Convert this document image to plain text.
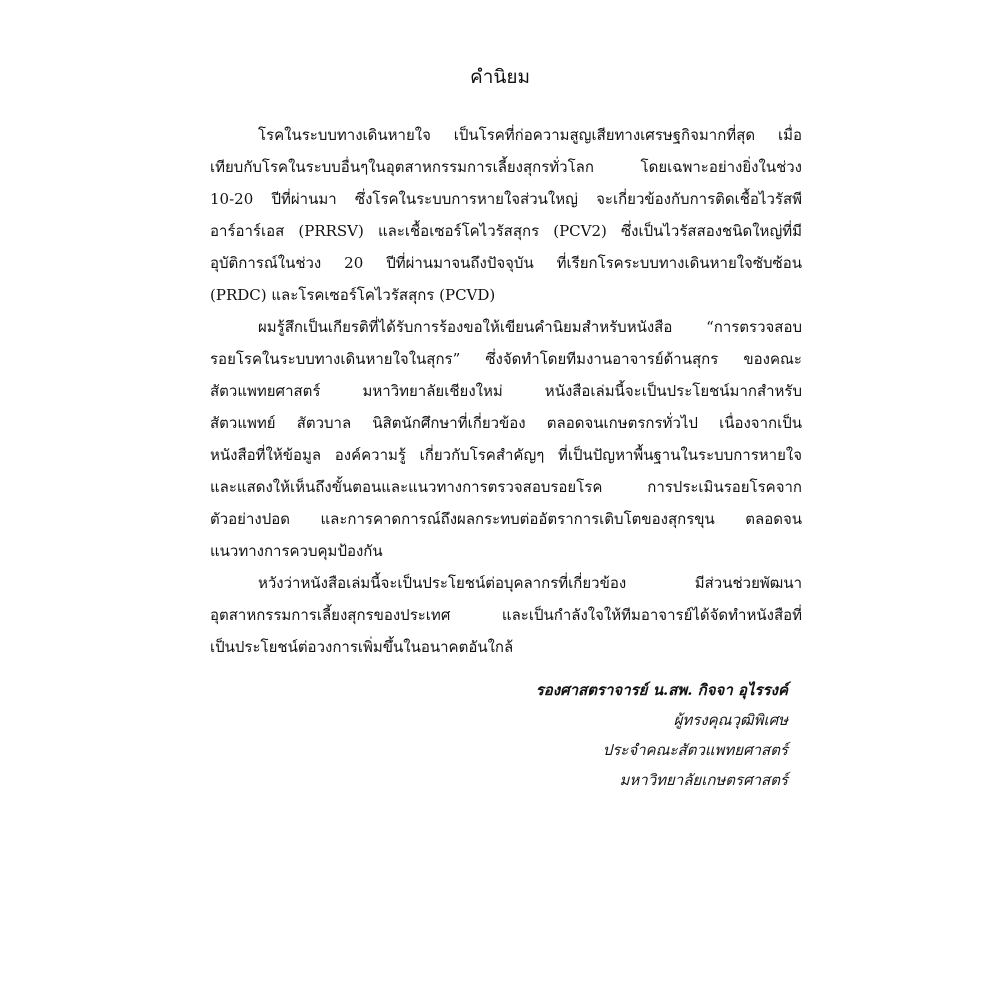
คำนิยม

โรคในระบบทางเดินหายใจ เป็นโรคที่ก่อความสูญเสียทางเศรษฐกิจมากที่สุด เมื่อ

เทียบกับโรคในระบบอื่นๆในอุตสาหกรรมการเลี้ยงสุกรทั่วโลก โดยเฉพาะอย่างยิ่งในช่วง

10-20 ปีที่ผ่านมา ซึ่งโรคในระบบการหายใจส่วนใหญ่ จะเกี่ยวข้องกับการติดเชื้อไวรัสพี

อาร์อาร์เอส (PRRSV) และเชื้อเซอร์โคไวรัสสุกร (PCV2) ซึ่งเป็นไวรัสสองชนิดใหญ่ที่มี

อุบัติการณ์ในช่วง 20 ปีที่ผ่านมาจนถึงปัจจุบัน ที่เรียกโรคระบบทางเดินหายใจซับซ้อน

(PRDC) และโรคเซอร์โคไวรัสสุกร (PCVD)

ผมรู้สึกเป็นเกียรติที่ได้รับการร้องขอให้เขียนคำนิยมสำหรับหนังสือ “การตรวจสอบ

รอยโรคในระบบทางเดินหายใจในสุกร” ซึ่งจัดทำโดยทีมงานอาจารย์ด้านสุกร ของคณะ

สัตวแพทยศาสตร์ มหาวิทยาลัยเชียงใหม่ หนังสือเล่มนี้จะเป็นประโยชน์มากสำหรับ

สัตวแพทย์ สัตวบาล นิสิตนักศึกษาที่เกี่ยวข้อง ตลอดจนเกษตรกรทั่วไป เนื่องจากเป็น

หนังสือที่ให้ข้อมูล องค์ความรู้ เกี่ยวกับโรคสำคัญๆ ที่เป็นปัญหาพื้นฐานในระบบการหายใจ

และแสดงให้เห็นถึงขั้นตอนและแนวทางการตรวจสอบรอยโรค การประเมินรอยโรคจาก

ตัวอย่างปอด และการคาดการณ์ถึงผลกระทบต่ออัตราการเติบโตของสุกรขุน ตลอดจน

แนวทางการควบคุมป้องกัน

หวังว่าหนังสือเล่มนี้จะเป็นประโยชน์ต่อบุคลากรที่เกี่ยวข้อง มีส่วนช่วยพัฒนา

อุตสาหกรรมการเลี้ยงสุกรของประเทศ และเป็นกำลังใจให้ทีมอาจารย์ได้จัดทำหนังสือที่

เป็นประโยชน์ต่อวงการเพิ่มขึ้นในอนาคตอันใกล้

รองศาสตราจารย์ น.สพ. กิจจา อุไรรงค์

ผู้ทรงคุณวุฒิพิเศษ

ประจำคณะสัตวแพทยศาสตร์

มหาวิทยาลัยเกษตรศาสตร์
